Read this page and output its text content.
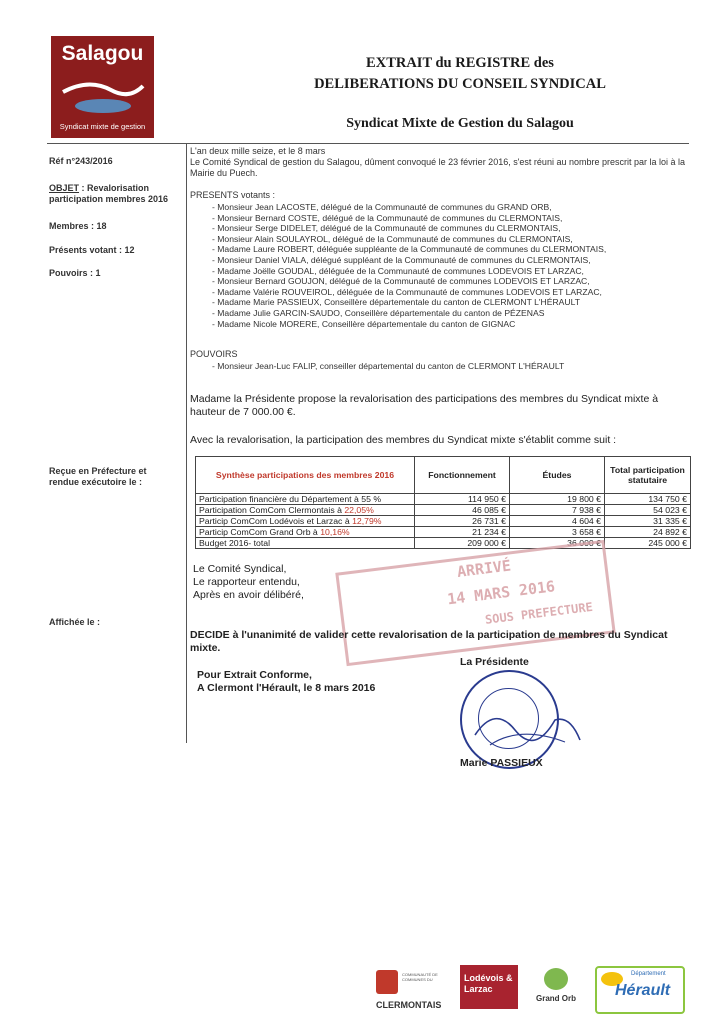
Salagou
Syndicat mixte de gestion
EXTRAIT du REGISTRE des
DELIBERATIONS DU CONSEIL SYNDICAL
Syndicat Mixte de Gestion du Salagou
Réf n°243/2016
OBJET : Revalorisation participation membres 2016
Membres : 18
Présents votant : 12
Pouvoirs : 1
Reçue en Préfecture et rendue exécutoire le :
Affichée le :
L'an deux mille seize, et le 8 mars
Le Comité Syndical de gestion du Salagou, dûment convoqué le 23 février 2016, s'est réuni au nombre prescrit par la loi à la Mairie du Puech.
PRESENTS votants :
- Monsieur Jean LACOSTE, délégué de la Communauté de communes du GRAND ORB,
- Monsieur Bernard COSTE, délégué de la Communauté de communes du CLERMONTAIS,
- Monsieur Serge DIDELET, délégué de la Communauté de communes du CLERMONTAIS,
- Monsieur Alain SOULAYROL, délégué de la Communauté de communes du CLERMONTAIS,
- Madame Laure ROBERT, déléguée suppléante de la Communauté de communes du CLERMONTAIS,
- Monsieur Daniel VIALA, délégué suppléant de la Communauté de communes du CLERMONTAIS,
- Madame Joëlle GOUDAL, déléguée de la Communauté de communes LODEVOIS ET LARZAC,
- Monsieur Bernard GOUJON, délégué de la Communauté de communes LODEVOIS ET LARZAC,
- Madame Valérie ROUVEIROL, déléguée de la Communauté de communes LODEVOIS ET LARZAC,
- Madame Marie PASSIEUX, Conseillère départementale du canton de CLERMONT L'HÉRAULT
- Madame Julie GARCIN-SAUDO, Conseillère départementale du canton de PÉZENAS
- Madame Nicole MORERE, Conseillère départementale du canton de GIGNAC
POUVOIRS
- Monsieur Jean-Luc FALIP, conseiller départemental du canton de CLERMONT L'HÉRAULT
Madame la Présidente propose la revalorisation des participations des membres du Syndicat mixte à hauteur de 7 000.00 €.
Avec la revalorisation, la participation des membres du Syndicat mixte s'établit comme suit :
Synthèse participations des membres 2016	Fonctionnement	Études	Total participation statutaire
Participation financière du Département à 55 %	114 950 €	19 800 €	134 750 €
Participation ComCom Clermontais à 22,05%	46 085 €	7 938 €	54 023 €
Particip ComCom Lodévois et Larzac à 12,79%	26 731 €	4 604 €	31 335 €
Particip ComCom Grand Orb à 10,16%	21 234 €	3 658 €	24 892 €
Budget 2016- total	209 000 €	36 000 €	245 000 €
Le Comité Syndical,
Le rapporteur entendu,
Après en avoir délibéré,
ARRIVÉ
14 MARS 2016
SOUS PREFECTURE
DECIDE à l'unanimité de valider cette revalorisation de la participation de membres du Syndicat mixte.
La Présidente
Pour Extrait Conforme,
A Clermont l'Hérault, le 8 mars 2016
Marie PASSIEUX
COMMUNAUTÉ DE COMMUNES DU
CLERMONTAIS
Lodévois & Larzac
Grand Orb
Département
Hérault
